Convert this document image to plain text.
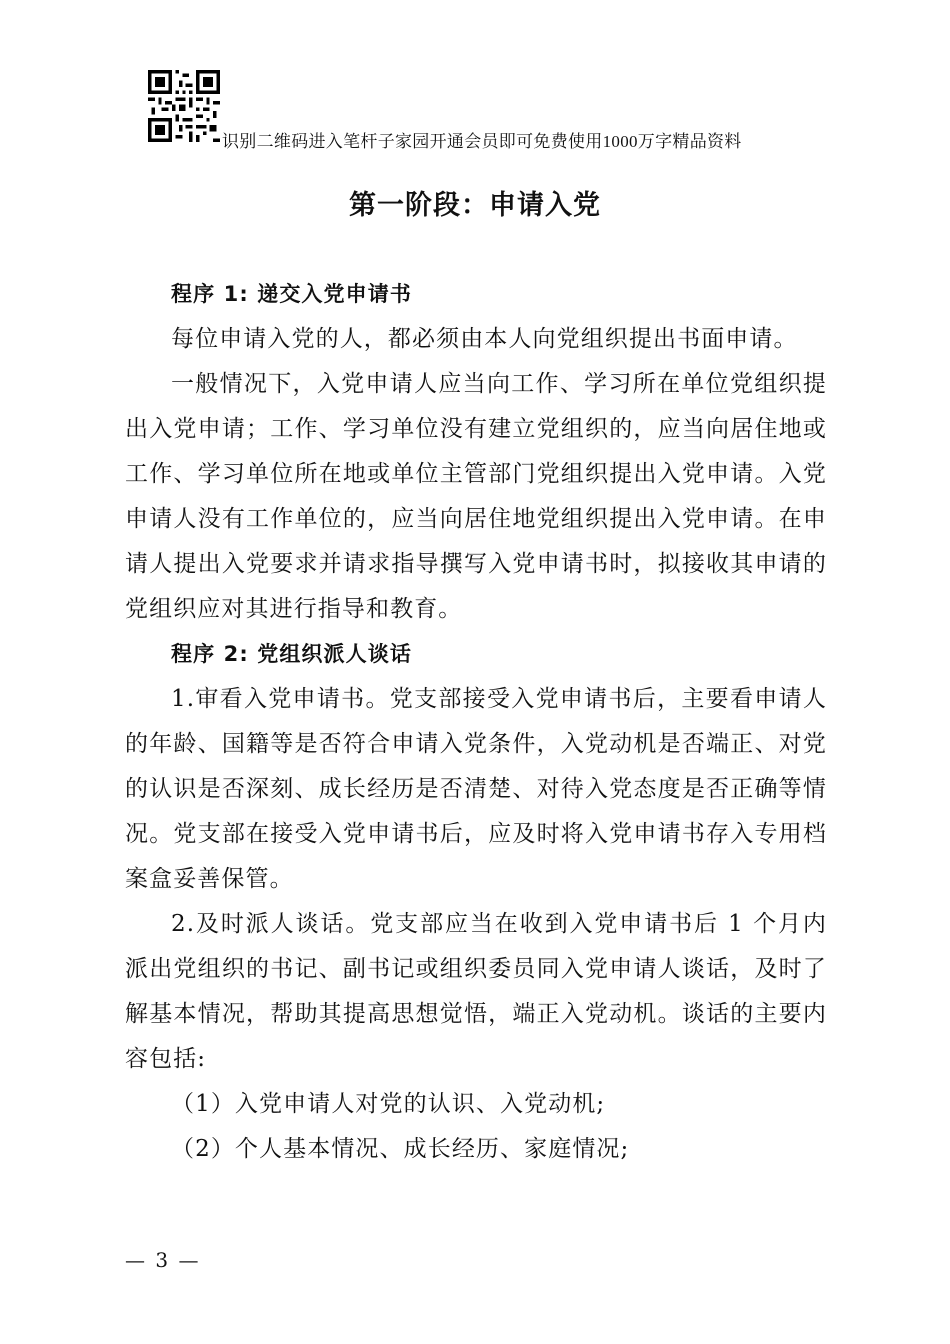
识别二维码进入笔杆子家园开通会员即可免费使用1000万字精品资料
第一阶段：申请入党

程序 1: 递交入党申请书

每位申请入党的人，都必须由本人向党组织提出书面申请。

一般情况下，入党申请人应当向工作、学习所在单位党组织提出入党申请；工作、学习单位没有建立党组织的，应当向居住地或工作、学习单位所在地或单位主管部门党组织提出入党申请。入党申请人没有工作单位的，应当向居住地党组织提出入党申请。在申请人提出入党要求并请求指导撰写入党申请书时，拟接收其申请的党组织应对其进行指导和教育。

程序 2: 党组织派人谈话

1.审看入党申请书。党支部接受入党申请书后，主要看申请人的年龄、国籍等是否符合申请入党条件，入党动机是否端正、对党的认识是否深刻、成长经历是否清楚、对待入党态度是否正确等情况。党支部在接受入党申请书后，应及时将入党申请书存入专用档案盒妥善保管。

2.及时派人谈话。党支部应当在收到入党申请书后 1 个月内派出党组织的书记、副书记或组织委员同入党申请人谈话，及时了解基本情况，帮助其提高思想觉悟，端正入党动机。谈话的主要内容包括:

（1）入党申请人对党的认识、入党动机;

（2）个人基本情况、成长经历、家庭情况;

— 3 —
